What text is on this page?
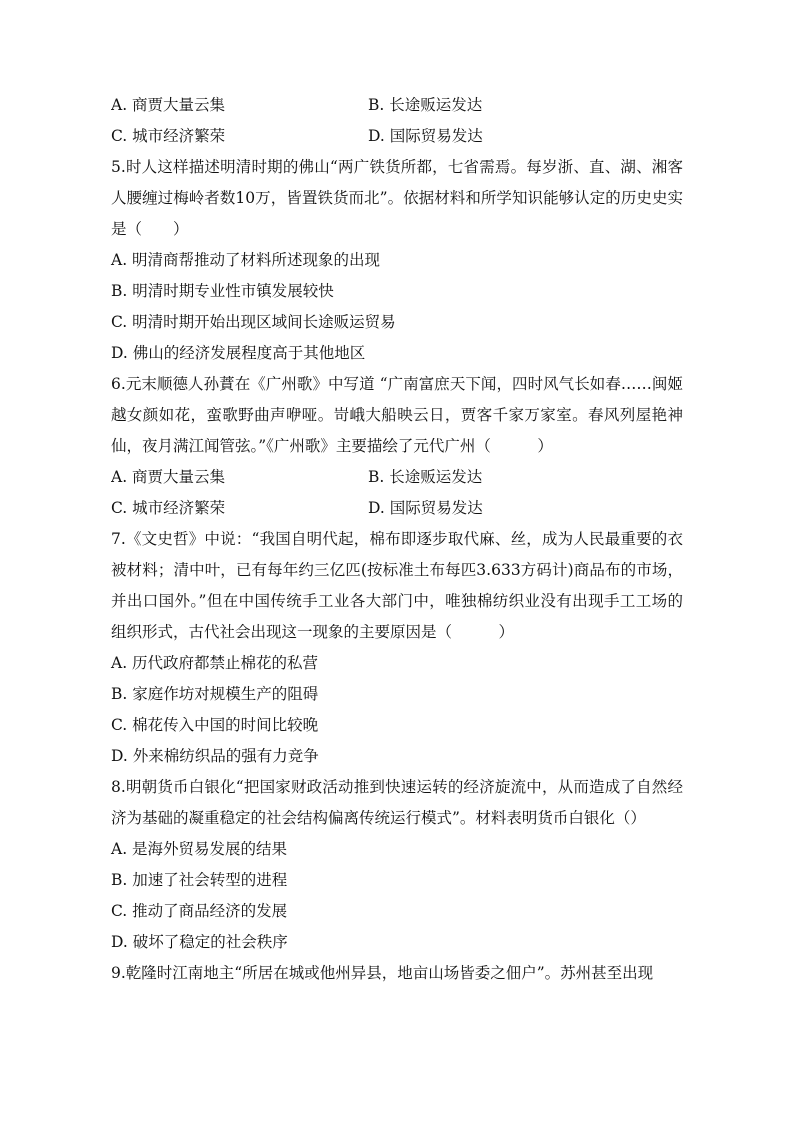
A. 商贾大量云集	B. 长途贩运发达
C. 城市经济繁荣	D. 国际贸易发达
5.时人这样描述明清时期的佛山“两广铁货所都，七省需焉。每岁浙、直、湖、湘客人腰缠过梅岭者数10万，皆置铁货而北”。依据材料和所学知识能够认定的历史史实是（　　）
A. 明清商帮推动了材料所述现象的出现
B. 明清时期专业性市镇发展较快
C. 明清时期开始出现区域间长途贩运贸易
D. 佛山的经济发展程度高于其他地区
6.元末顺德人孙蕡在《广州歌》中写道 “广南富庶天下闻，四时风气长如春……闽姬越女颜如花，蛮歌野曲声咿哑。岢峨大船映云日，贾客千家万家室。春风列屋艳神仙，夜月满江闻管弦。”《广州歌》主要描绘了元代广州（　　　）
A. 商贾大量云集	B. 长途贩运发达
C. 城市经济繁荣	D. 国际贸易发达
7.《文史哲》中说：“我国自明代起，棉布即逐步取代麻、丝，成为人民最重要的衣被材料；清中叶，已有每年约三亿匹(按标准土布每匹3.633方码计)商品布的市场，并出口国外。”但在中国传统手工业各大部门中，唯独棉纺织业没有出现手工工场的组织形式，古代社会出现这一现象的主要原因是（　　　）
A. 历代政府都禁止棉花的私营
B. 家庭作坊对规模生产的阻碍
C. 棉花传入中国的时间比较晚
D. 外来棉纺织品的强有力竞争
8.明朝货币白银化“把国家财政活动推到快速运转的经济旋流中，从而造成了自然经济为基础的凝重稳定的社会结构偏离传统运行模式”。材料表明货币白银化（）
A. 是海外贸易发展的结果
B. 加速了社会转型的进程
C. 推动了商品经济的发展
D. 破坏了稳定的社会秩序
9.乾隆时江南地主“所居在城或他州异县，地亩山场皆委之佃户”。苏州甚至出现
